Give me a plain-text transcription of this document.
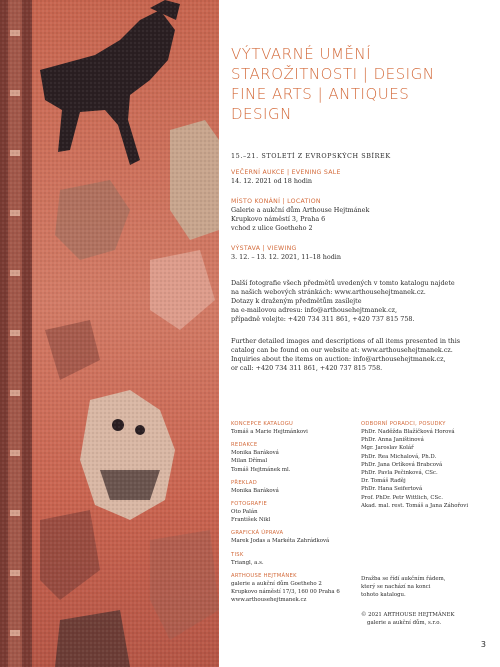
VÝTVARNÉ UMĚNÍ
STAROŽITNOSTI | DESIGN
FINE ARTS | ANTIQUES
DESIGN
15.–21. STOLETÍ Z EVROPSKÝCH SBÍREK
VEČERNÍ AUKCE | EVENING SALE
14. 12. 2021 od 18 hodin
MÍSTO KONÁNÍ | LOCATION
Galerie a aukční dům Arthouse Hejtmánek
Krupkovo náměstí 3, Praha 6
vchod z ulice Goetheho 2
VÝSTAVA | VIEWING
3. 12. – 13. 12. 2021, 11–18 hodin
Další fotografie všech předmětů uvedených v tomto katalogu najdete
na našich webových stránkách: www.arthousehejtmanek.cz.
Dotazy k draženým předmětům zasílejte
na e-mailovou adresu: info@arthousehejtmanek.cz,
případně volejte: +420 734 311 861, +420 737 815 758.
Further detailed images and descriptions of all items presented in this
catalog can be found on our website at: www.arthousehejtmanek.cz.
Inquiries about the items on auction: info@arthousehejtmanek.cz,
or call: +420 734 311 861, +420 737 815 758.
KONCEPCE KATALOGU
Tomáš a Marie Hejtmánkovi
REDAKCE
Monika Baráková
Milan Dřímal
Tomáš Hejtmánek ml.
PŘEKLAD
Monika Baráková
FOTOGRAFIE
Oto Palán
František Nikl
GRAFICKÁ ÚPRAVA
Marek Jodas a Markéta Zahrádková
TISK
Triangl, a.s.
ARTHOUSE HEJTMÁNEK
galerie a aukční dům Goetheho 2
Krupkovo náměstí 17/3, 160 00 Praha 6
www.arthousehejtmanek.cz
ODBORNÍ PORADCI, POSUDKY
PhDr. Naděžda Blažíčková Horová
PhDr. Anna Janištinová
Mgr. Jaroslav Kolář
PhDr. Rea Michalová, Ph.D.
PhDr. Jana Orlíková Brabcová
PhDr. Pavla Pečinková, CSc.
Dr. Tomáš Raděj
PhDr. Hana Seifertová
Prof. PhDr. Petr Wittlich, CSc.
Akad. mal. rest. Tomáš a Jana Záhořovi
Dražba se řídí aukčním řádem,
který se nachází na konci
tohoto katalogu.
© 2021 ARTHOUSE HEJTMÁNEK
galerie a aukční dům, s.r.o.
3
